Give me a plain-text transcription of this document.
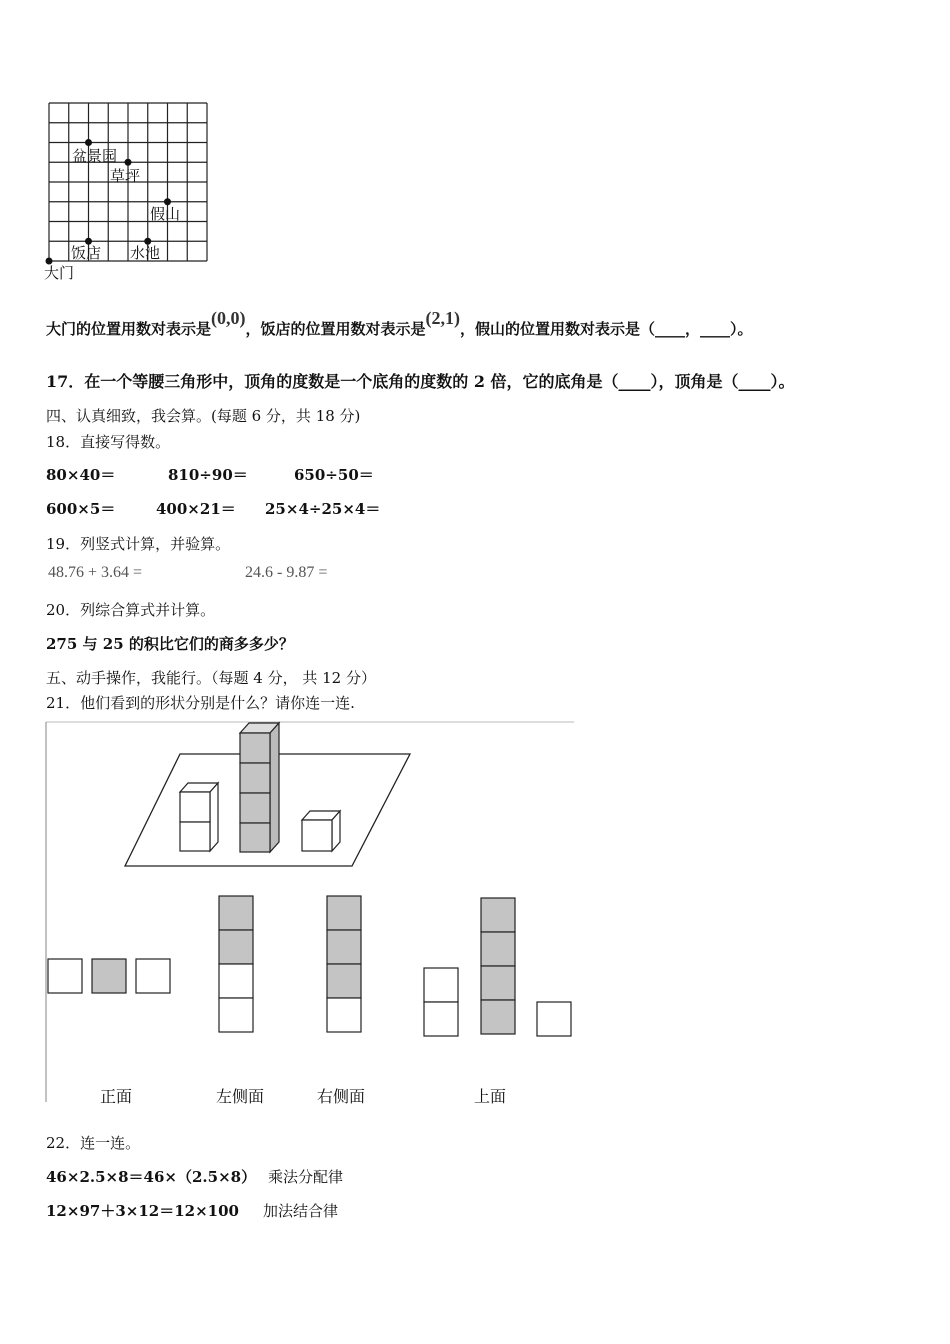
盆景园
草坪
假山
饭店 水池
大门
大门的位置用数对表示是(0,0)，饭店的位置用数对表示是(2,1)，假山的位置用数对表示是（____，____）。
17．在一个等腰三角形中，顶角的度数是一个底角的度数的 2 倍，它的底角是（____），顶角是（____）。
四、认真细致，我会算。(每题 6 分，共 18 分)
18．直接写得数。
80×40＝	810÷90＝	650÷50＝
600×5＝	400×21＝ 25×4÷25×4＝
19．列竖式计算，并验算。
48.76 + 3.64 =	24.6 - 9.87 =
20．列综合算式并计算。
275 与 25 的积比它们的商多多少？
五、动手操作，我能行。（每题 4 分， 共 12 分）
21．他们看到的形状分别是什么？请你连一连.
正面	左侧面	右侧面	上面
22．连一连。
46×2.5×8＝46×（2.5×8） 乘法分配律
12×97＋3×12＝12×100 加法结合律
